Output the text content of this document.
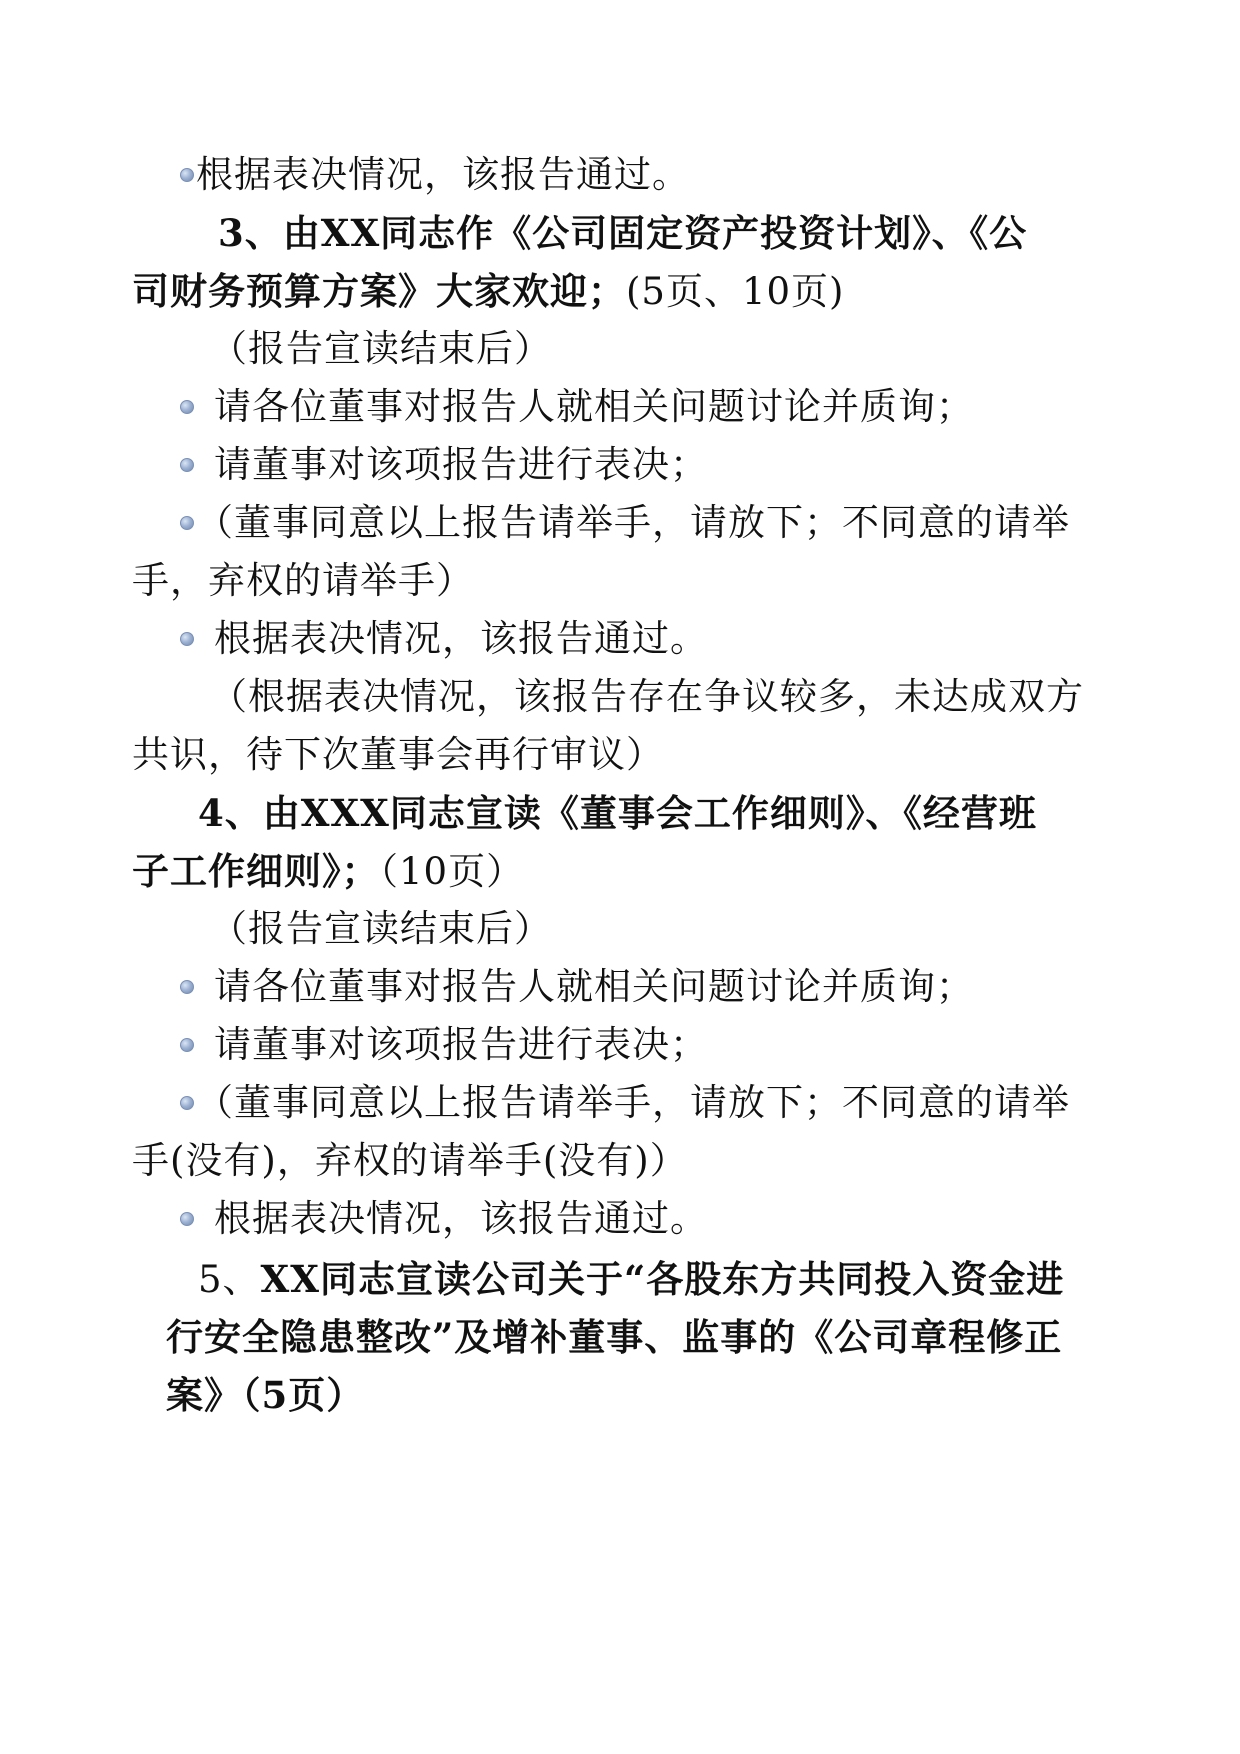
根据表决情况，该报告通过。
3、由XX同志作《公司固定资产投资计划》、《公
司财务预算方案》大家欢迎；(5页、10页)
（报告宣读结束后）
请各位董事对报告人就相关问题讨论并质询；
请董事对该项报告进行表决；
（董事同意以上报告请举手，请放下；不同意的请举
手，弃权的请举手）
根据表决情况，该报告通过。
（根据表决情况，该报告存在争议较多，未达成双方
共识，待下次董事会再行审议）
4、由XXX同志宣读《董事会工作细则》、《经营班
子工作细则》；（10页）
（报告宣读结束后）
请各位董事对报告人就相关问题讨论并质询；
请董事对该项报告进行表决；
（董事同意以上报告请举手，请放下；不同意的请举
手(没有)，弃权的请举手(没有)）
根据表决情况，该报告通过。
5、XX同志宣读公司关于“各股东方共同投入资金进
行安全隐患整改”及增补董事、监事的《公司章程修正
案》（5页）
